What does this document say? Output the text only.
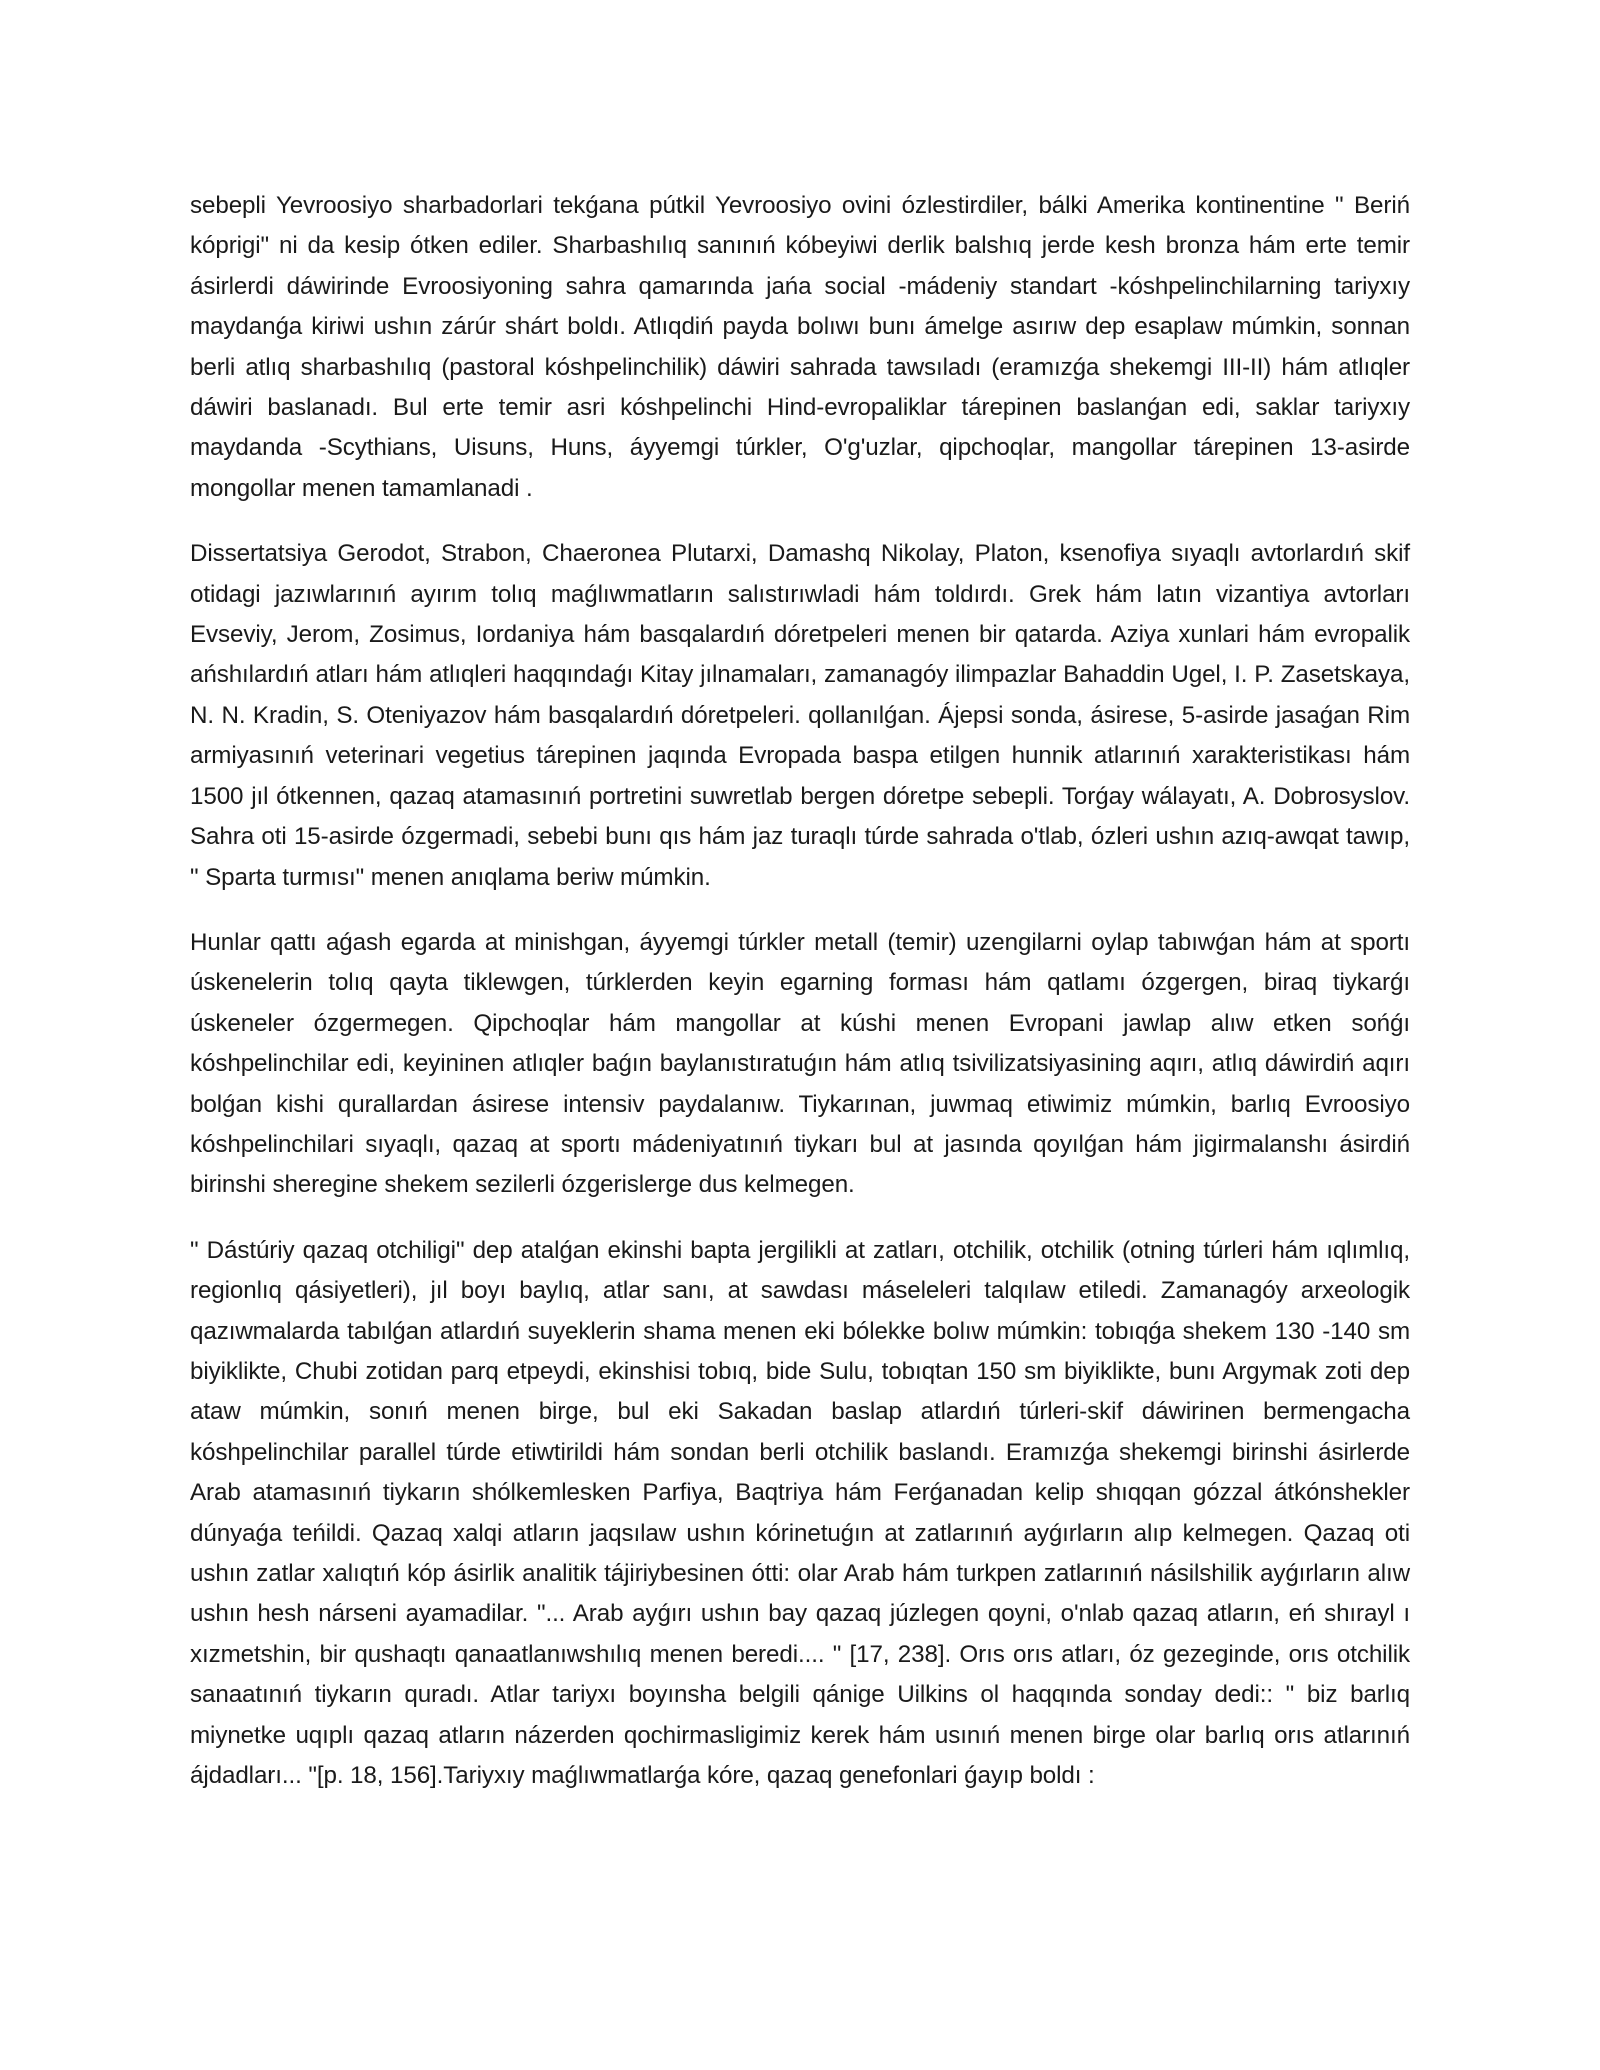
sebepli Yevroosiyo sharbadorlari tekǵana pútkil Yevroosiyo ovini ózlestirdiler, bálki Amerika kontinentine " Beriń kóprigi" ni da kesip ótken ediler. Sharbashılıq sanınıń kóbeyiwi derlik balshıq jerde kesh bronza hám erte temir ásirlerdi dáwirinde Evroosiyoning sahra qamarında jańa social -mádeniy standart -kóshpelinchilarning tariyxıy maydanǵa kiriwi ushın zárúr shárt boldı. Atlıqdiń payda bolıwı bunı ámelge asırıw dep esaplaw múmkin, sonnan berli atlıq sharbashılıq (pastoral kóshpelinchilik) dáwiri sahrada tawsıladı (eramızǵa shekemgi III-II) hám atlıqler dáwiri baslanadı. Bul erte temir asri kóshpelinchi Hind-evropaliklar tárepinen baslanǵan edi, saklar tariyxıy maydanda -Scythians, Uisuns, Huns, áyyemgi túrkler, O'g'uzlar, qipchoqlar, mangollar tárepinen 13-asirde mongollar menen tamamlanadi .

Dissertatsiya Gerodot, Strabon, Chaeronea Plutarxi, Damashq Nikolay, Platon, ksenofiya sıyaqlı avtorlardıń skif otidagi jazıwlarınıń ayırım tolıq maǵlıwmatların salıstırıwladi hám toldırdı. Grek hám latın vizantiya avtorları Evseviy, Jerom, Zosimus, Iordaniya hám basqalardıń dóretpeleri menen bir qatarda. Aziya xunlari hám evropalik ańshılardıń atları hám atlıqleri haqqındaǵı Kitay jılnamaları, zamanagóy ilimpazlar Bahaddin Ugel, I. P. Zasetskaya, N. N. Kradin, S. Oteniyazov hám basqalardıń dóretpeleri. qollanılǵan. Ájepsi sonda, ásirese, 5-asirde jasaǵan Rim armiyasınıń veterinari vegetius tárepinen jaqında Evropada baspa etilgen hunnik atlarınıń xarakteristikası hám 1500 jıl ótkennen, qazaq atamasınıń portretini suwretlab bergen dóretpe sebepli. Torǵay wálayatı, A. Dobrosyslov. Sahra oti 15-asirde ózgermadi, sebebi bunı qıs hám jaz turaqlı túrde sahrada o'tlab, ózleri ushın azıq-awqat tawıp, " Sparta turmısı" menen anıqlama beriw múmkin.

Hunlar qattı aǵash egarda at minishgan, áyyemgi túrkler metall (temir) uzengilarni oylap tabıwǵan hám at sportı úskenelerin tolıq qayta tiklewgen, túrklerden keyin egarning forması hám qatlamı ózgergen, biraq tiykarǵı úskeneler ózgermegen. Qipchoqlar hám mangollar at kúshi menen Evropani jawlap alıw etken sońǵı kóshpelinchilar edi, keyininen atlıqler baǵın baylanıstıratuǵın hám atlıq tsivilizatsiyasining aqırı, atlıq dáwirdiń aqırı bolǵan kishi qurallardan ásirese intensiv paydalanıw. Tiykarınan, juwmaq etiwimiz múmkin, barlıq Evroosiyo kóshpelinchilari sıyaqlı, qazaq at sportı mádeniyatınıń tiykarı bul at jasında qoyılǵan hám jigirmalanshı ásirdiń birinshi sheregine shekem sezilerli ózgerislerge dus kelmegen.

" Dástúriy qazaq otchiligi" dep atalǵan ekinshi bapta jergilikli at zatları, otchilik, otchilik (otning túrleri hám ıqlımlıq, regionlıq qásiyetleri), jıl boyı baylıq, atlar sanı, at sawdası máseleleri talqılaw etiledi. Zamanagóy arxeologik qazıwmalarda tabılǵan atlardıń suyeklerin shama menen eki bólekke bolıw múmkin: tobıqǵa shekem 130 -140 sm biyiklikte, Chubi zotidan parq etpeydi, ekinshisi tobıq, bide Sulu, tobıqtan 150 sm biyiklikte, bunı Argymak zoti dep ataw múmkin, sonıń menen birge, bul eki Sakadan baslap atlardıń túrleri-skif dáwirinen bermengacha kóshpelinchilar parallel túrde etiwtirildi hám sondan berli otchilik baslandı. Eramızǵa shekemgi birinshi ásirlerde Arab atamasınıń tiykarın shólkemlesken Parfiya, Baqtriya hám Ferǵanadan kelip shıqqan gózzal átkónshekler dúnyaǵa teńildi. Qazaq xalqi atların jaqsılaw ushın kórinetuǵın at zatlarınıń ayǵırların alıp kelmegen. Qazaq oti ushın zatlar xalıqtıń kóp ásirlik analitik tájiriybesinen ótti: olar Arab hám turkpen zatlarınıń násilshilik ayǵırların alıw ushın hesh nárseni ayamadilar. "... Arab ayǵırı ushın bay qazaq júzlegen qoyni, o'nlab qazaq atların, eń shırayl ı xızmetshin, bir qushaqtı qanaatlanıwshılıq menen beredi.... " [17, 238]. Orıs orıs atları, óz gezeginde, orıs otchilik sanaatınıń tiykarın quradı. Atlar tariyxı boyınsha belgili qánige Uilkins ol haqqında sonday dedi:: " biz barlıq miynetke uqıplı qazaq atların názerden qochirmasligimiz kerek hám usınıń menen birge olar barlıq orıs atlarınıń ájdadları... "[p. 18, 156].Tariyxıy maǵlıwmatlarǵa kóre, qazaq genefonlari ǵayıp boldı :
